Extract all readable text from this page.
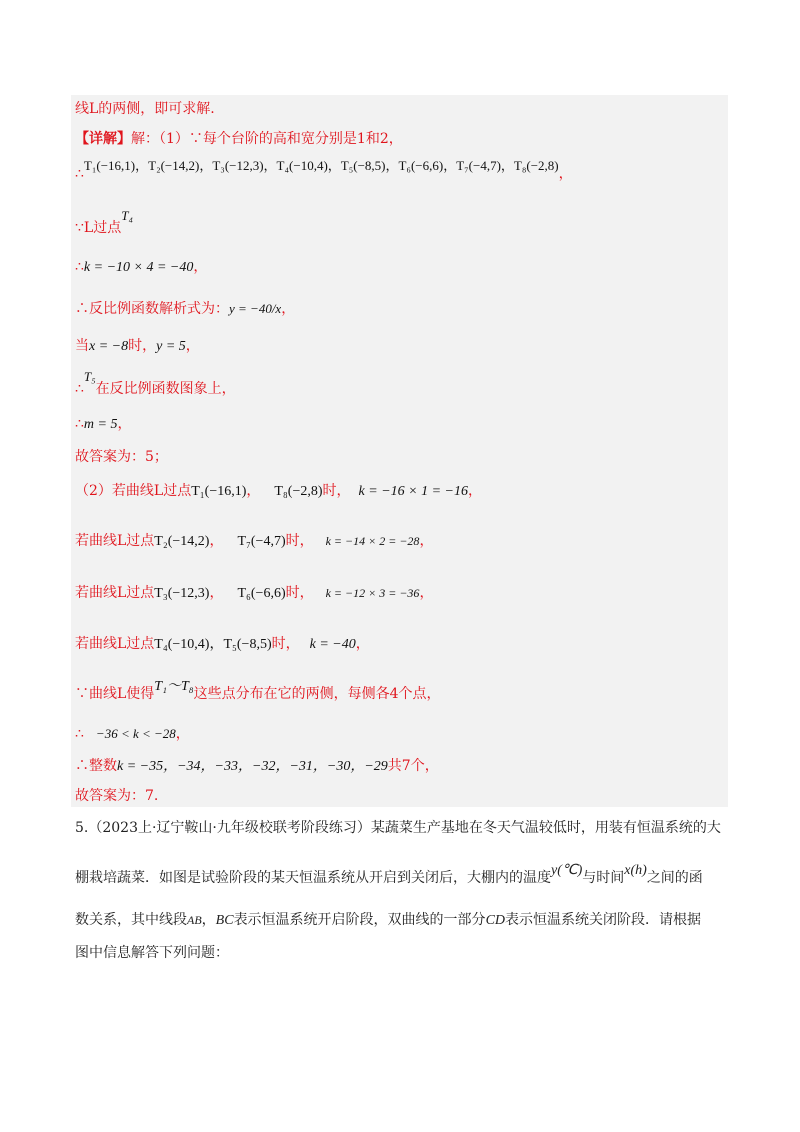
线L的两侧，即可求解.
【详解】解：（1）∵每个台阶的高和宽分别是1和2，
∴T₁(−16,1)，T₂(−14,2)，T₃(−12,3)，T₄(−10,4)，T₅(−8,5)，T₆(−6,6)，T₇(−4,7)，T₈(−2,8)，
∵L过点T₄
∴k = −10 × 4 = −40，
∴反比例函数解析式为：y = −40/x，
当x = −8时，y = 5，
∴T₅在反比例函数图象上，
∴m = 5，
故答案为：5；
（2）若曲线L过点T₁(−16,1)， T₈(−2,8)时， k = −16 × 1 = −16，
若曲线L过点T₂(−14,2)， T₇(−4,7)时， k = −14 × 2 = −28，
若曲线L过点T₃(−12,3)， T₆(−6,6)时， k = −12 × 3 = −36，
若曲线L过点T₄(−10,4)，T₅(−8,5)时， k = −40，
∵曲线L使得T₁～T₈这些点分布在它的两侧，每侧各4个点，
∴ −36 < k < −28，
∴整数k = −35，−34，−33，−32，−31，−30，−29共7个，
故答案为：7.
5.（2023上·辽宁鞍山·九年级校联考阶段练习）某蔬菜生产基地在冬天气温较低时，用装有恒温系统的大
棚栽培蔬菜．如图是试验阶段的某天恒温系统从开启到关闭后，大棚内的温度y(℃)与时间x(h)之间的函
数关系，其中线段AB，BC表示恒温系统开启阶段，双曲线的一部分CD表示恒温系统关闭阶段．请根据
图中信息解答下列问题：
